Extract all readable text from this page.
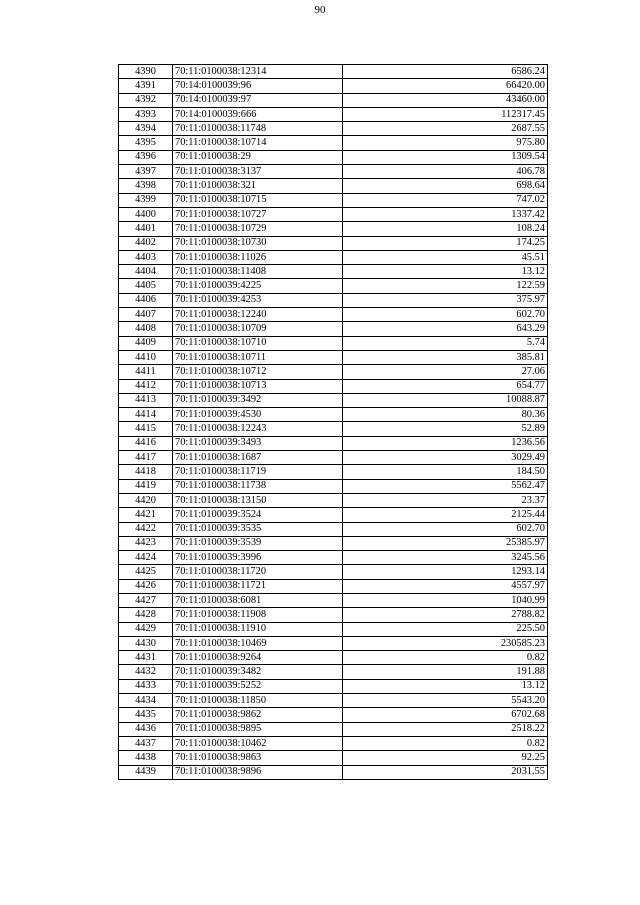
90
4390	70:11:0100038:12314	6586.24
4391	70:14:0100039:96	66420.00
4392	70:14:0100039:97	43460.00
4393	70:14:0100039:666	112317.45
4394	70:11:0100038:11748	2687.55
4395	70:11:0100038:10714	975.80
4396	70:11:0100038:29	1309.54
4397	70:11:0100038:3137	406.78
4398	70:11:0100038:321	698.64
4399	70:11:0100038:10715	747.02
4400	70:11:0100038:10727	1337.42
4401	70:11:0100038:10729	108.24
4402	70:11:0100038:10730	174.25
4403	70:11:0100038:11026	45.51
4404	70:11:0100038:11408	13.12
4405	70:11:0100039:4225	122.59
4406	70:11:0100039:4253	375.97
4407	70:11:0100038:12240	602.70
4408	70:11:0100038:10709	643.29
4409	70:11:0100038:10710	5.74
4410	70:11:0100038:10711	385.81
4411	70:11:0100038:10712	27.06
4412	70:11:0100038:10713	654.77
4413	70:11:0100039:3492	10088.87
4414	70:11:0100039:4530	80.36
4415	70:11:0100038:12243	52.89
4416	70:11:0100039:3493	1236.56
4417	70:11:0100038:1687	3029.49
4418	70:11:0100038:11719	184.50
4419	70:11:0100038:11738	5562.47
4420	70:11:0100038:13150	23.37
4421	70:11:0100039:3524	2125.44
4422	70:11:0100039:3535	602.70
4423	70:11:0100039:3539	25385.97
4424	70:11:0100039:3996	3245.56
4425	70:11:0100038:11720	1293.14
4426	70:11:0100038:11721	4557.97
4427	70:11:0100038:6081	1040.99
4428	70:11:0100038:11908	2788.82
4429	70:11:0100038:11910	225.50
4430	70:11:0100038:10469	230585.23
4431	70:11:0100038:9264	0.82
4432	70:11:0100039:3482	191.88
4433	70:11:0100039:5252	13.12
4434	70:11:0100038:11850	5543.20
4435	70:11:0100038:9862	6702.68
4436	70:11:0100038:9895	2518.22
4437	70:11:0100038:10462	0.82
4438	70:11:0100038:9863	92.25
4439	70:11:0100038:9896	2031.55
